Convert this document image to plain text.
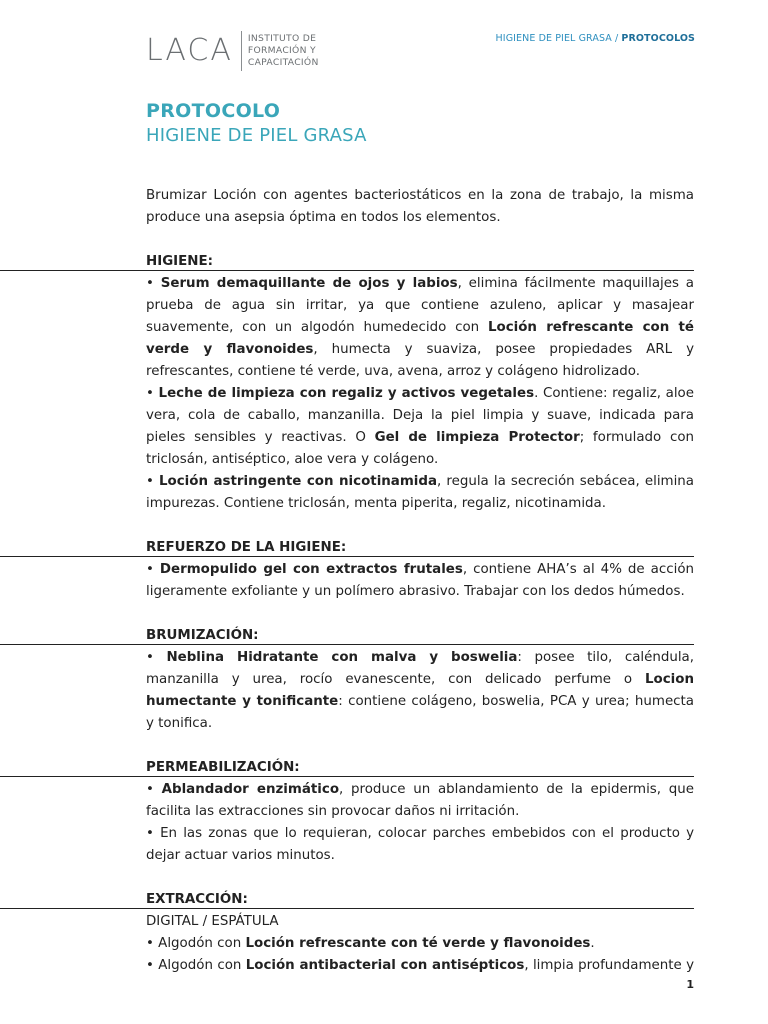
LACA INSTITUTO DE
FORMACIÓN Y
CAPACITACIÓN
HIGIENE DE PIEL GRASA / PROTOCOLOS
PROTOCOLO
HIGIENE DE PIEL GRASA

Brumizar Loción con agentes bacteriostáticos en la zona de trabajo, la misma produce una asepsia óptima en todos los elementos.

HIGIENE:

• Serum demaquillante de ojos y labios, elimina fácilmente maquillajes a prueba de agua sin irritar, ya que contiene azuleno, aplicar y masajear suavemente, con un algodón humedecido con Loción refrescante con té verde y flavonoides, humecta y suaviza, posee propiedades ARL y refrescantes, contiene té verde, uva, avena, arroz y colágeno hidrolizado.

• Leche de limpieza con regaliz y activos vegetales. Contiene: regaliz, aloe vera, cola de caballo, manzanilla. Deja la piel limpia y suave, indicada para pieles sensibles y reactivas. O Gel de limpieza Protector; formulado con triclosán, antiséptico, aloe vera y colágeno.

• Loción astringente con nicotinamida, regula la secreción sebácea, elimina impurezas. Contiene triclosán, menta piperita, regaliz, nicotinamida.

REFUERZO DE LA HIGIENE:

• Dermopulido gel con extractos frutales, contiene AHA’s al 4% de acción ligeramente exfoliante y un polímero abrasivo. Trabajar con los dedos húmedos.

BRUMIZACIÓN:

• Neblina Hidratante con malva y boswelia: posee tilo, caléndula, manzanilla y urea, rocío evanescente, con delicado perfume o Locion humectante y tonificante: contiene colágeno, boswelia, PCA y urea; humecta y tonifica.

PERMEABILIZACIÓN:

• Ablandador enzimático, produce un ablandamiento de la epidermis, que facilita las extracciones sin provocar daños ni irritación.

• En las zonas que lo requieran, colocar parches embebidos con el producto y dejar actuar varios minutos.

EXTRACCIÓN:

DIGITAL / ESPÁTULA

• Algodón con Loción refrescante con té verde y flavonoides.

• Algodón con Loción antibacterial con antisépticos, limpia profundamente y

1
